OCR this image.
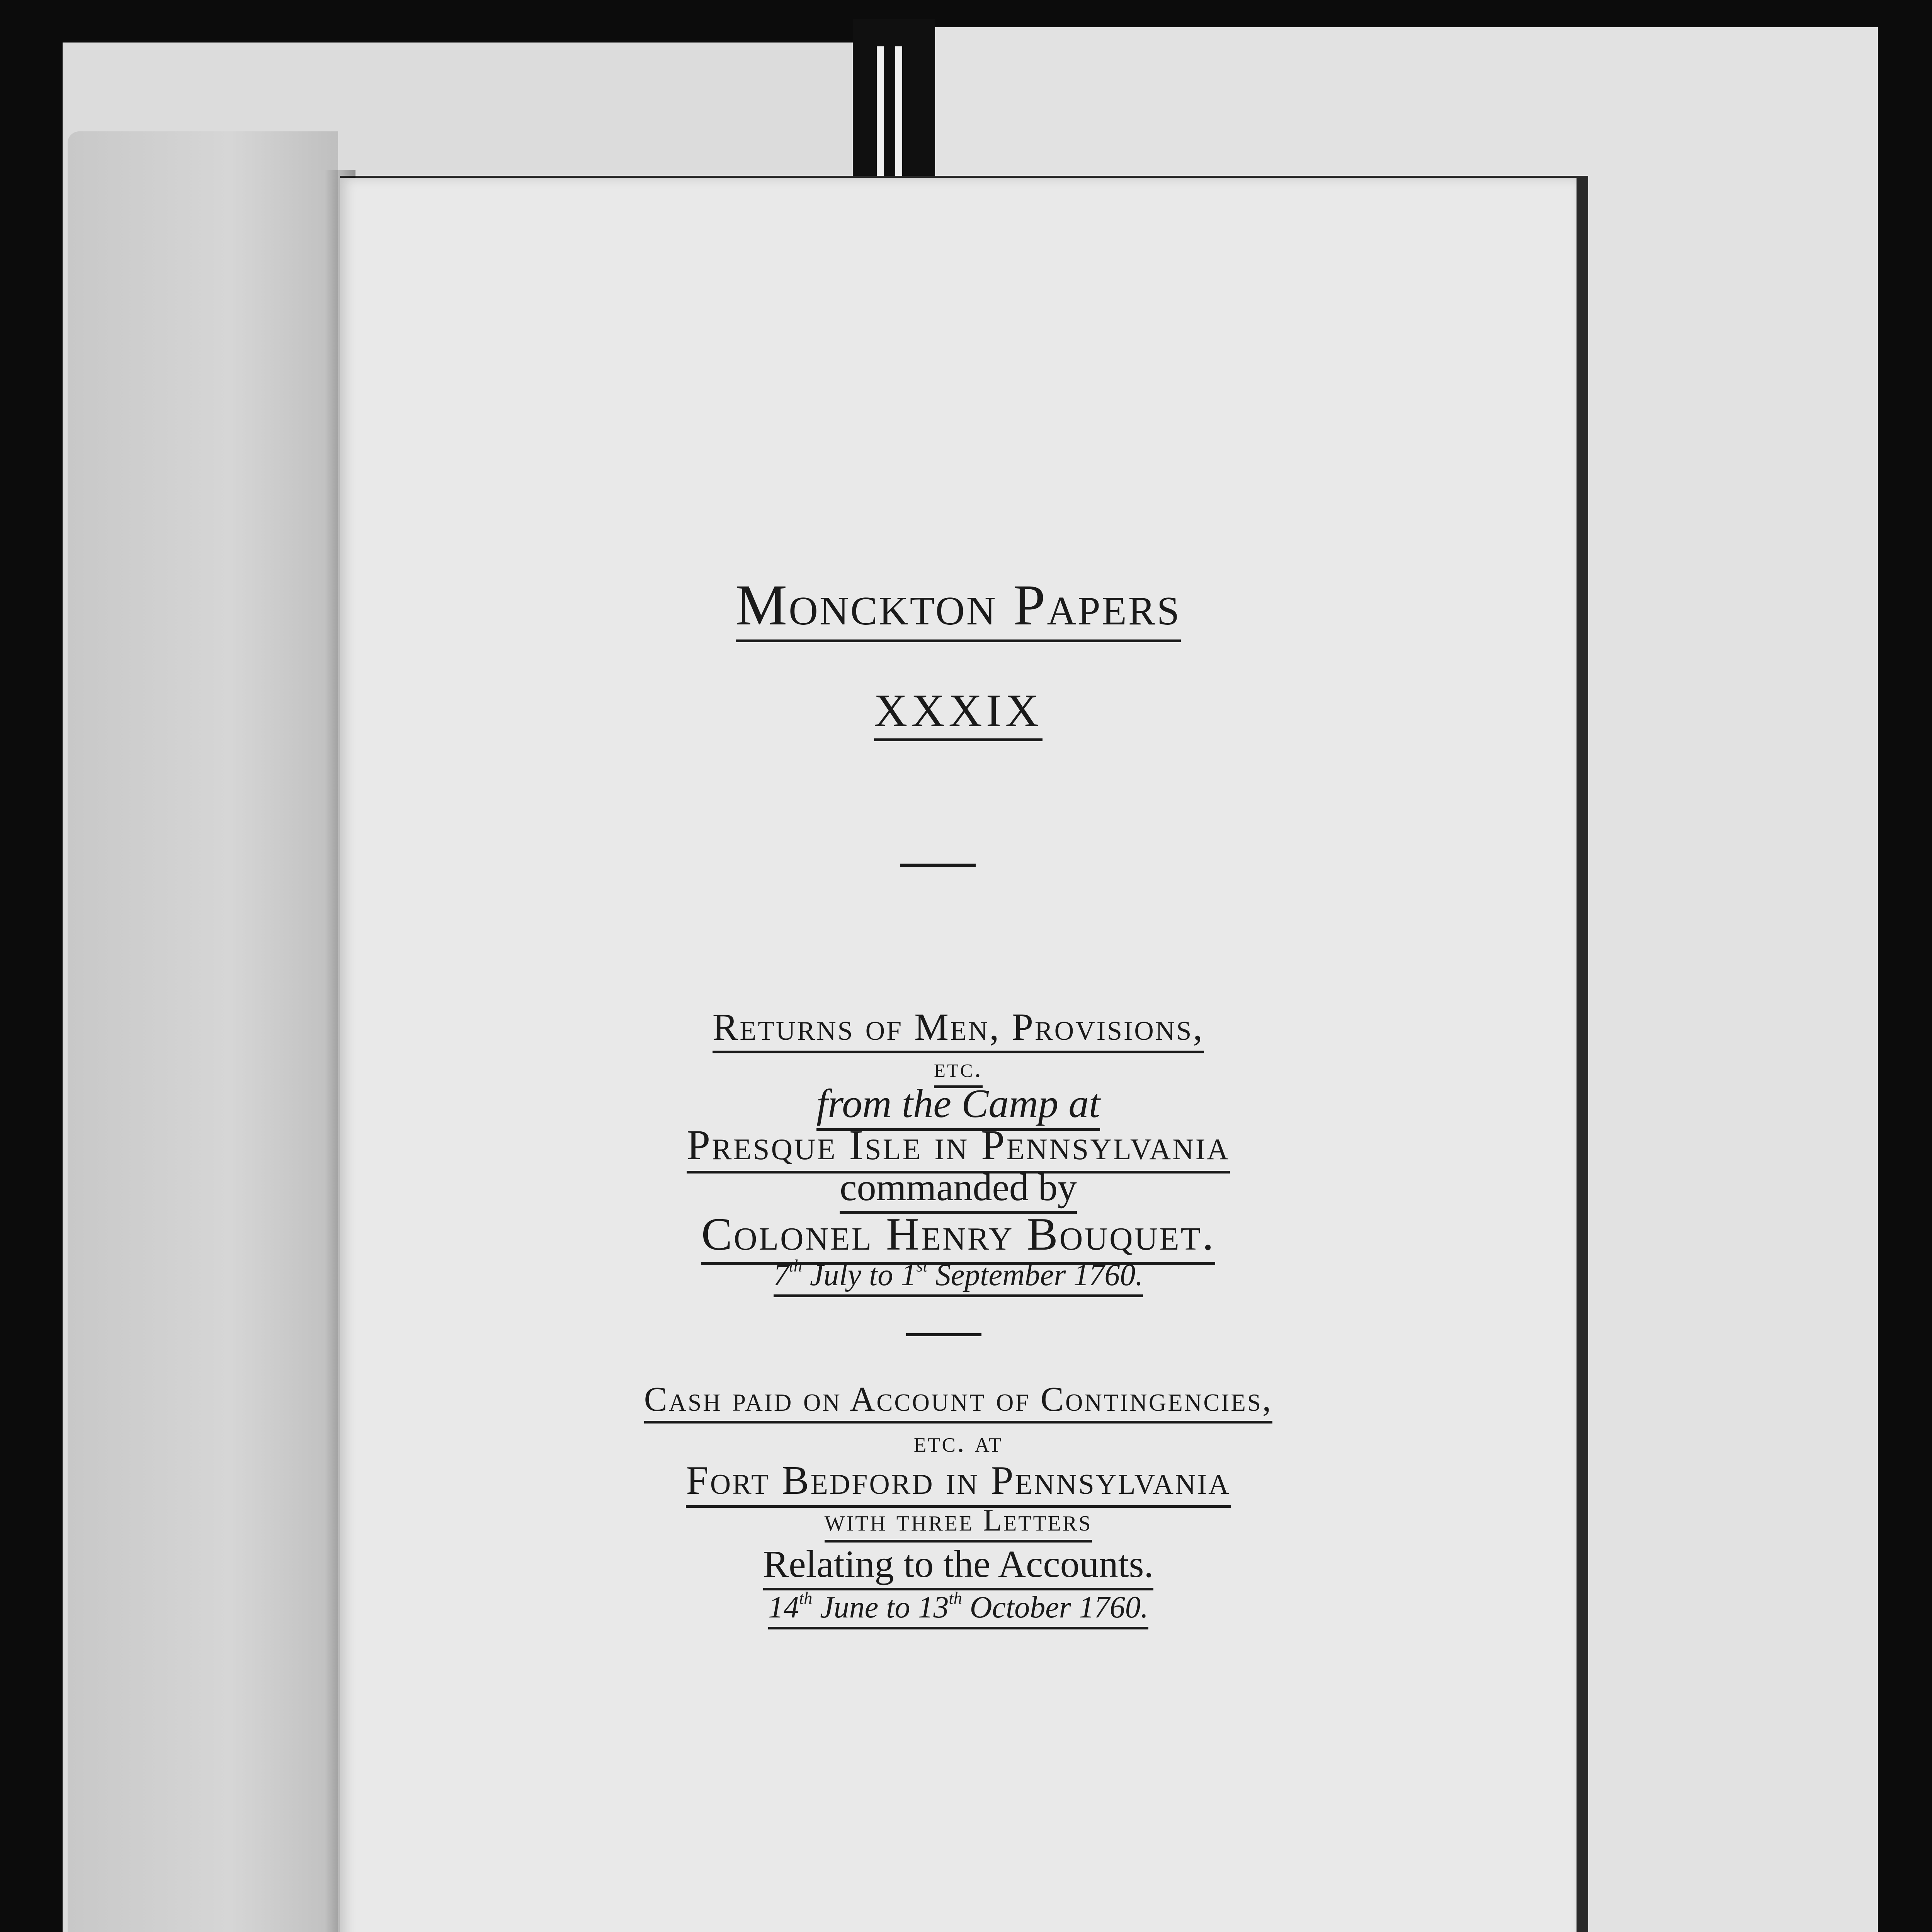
Monckton Papers
XXXIX
Returns of Men, Provisions,
etc.
from the Camp at
Presque Isle in Pennsylvania
commanded by
Colonel Henry Bouquet.
7th July to 1st September 1760.
Cash paid on Account of Contingencies,
etc. at
Fort Bedford in Pennsylvania
with three Letters
Relating to the Accounts.
14th June to 13th October 1760.
